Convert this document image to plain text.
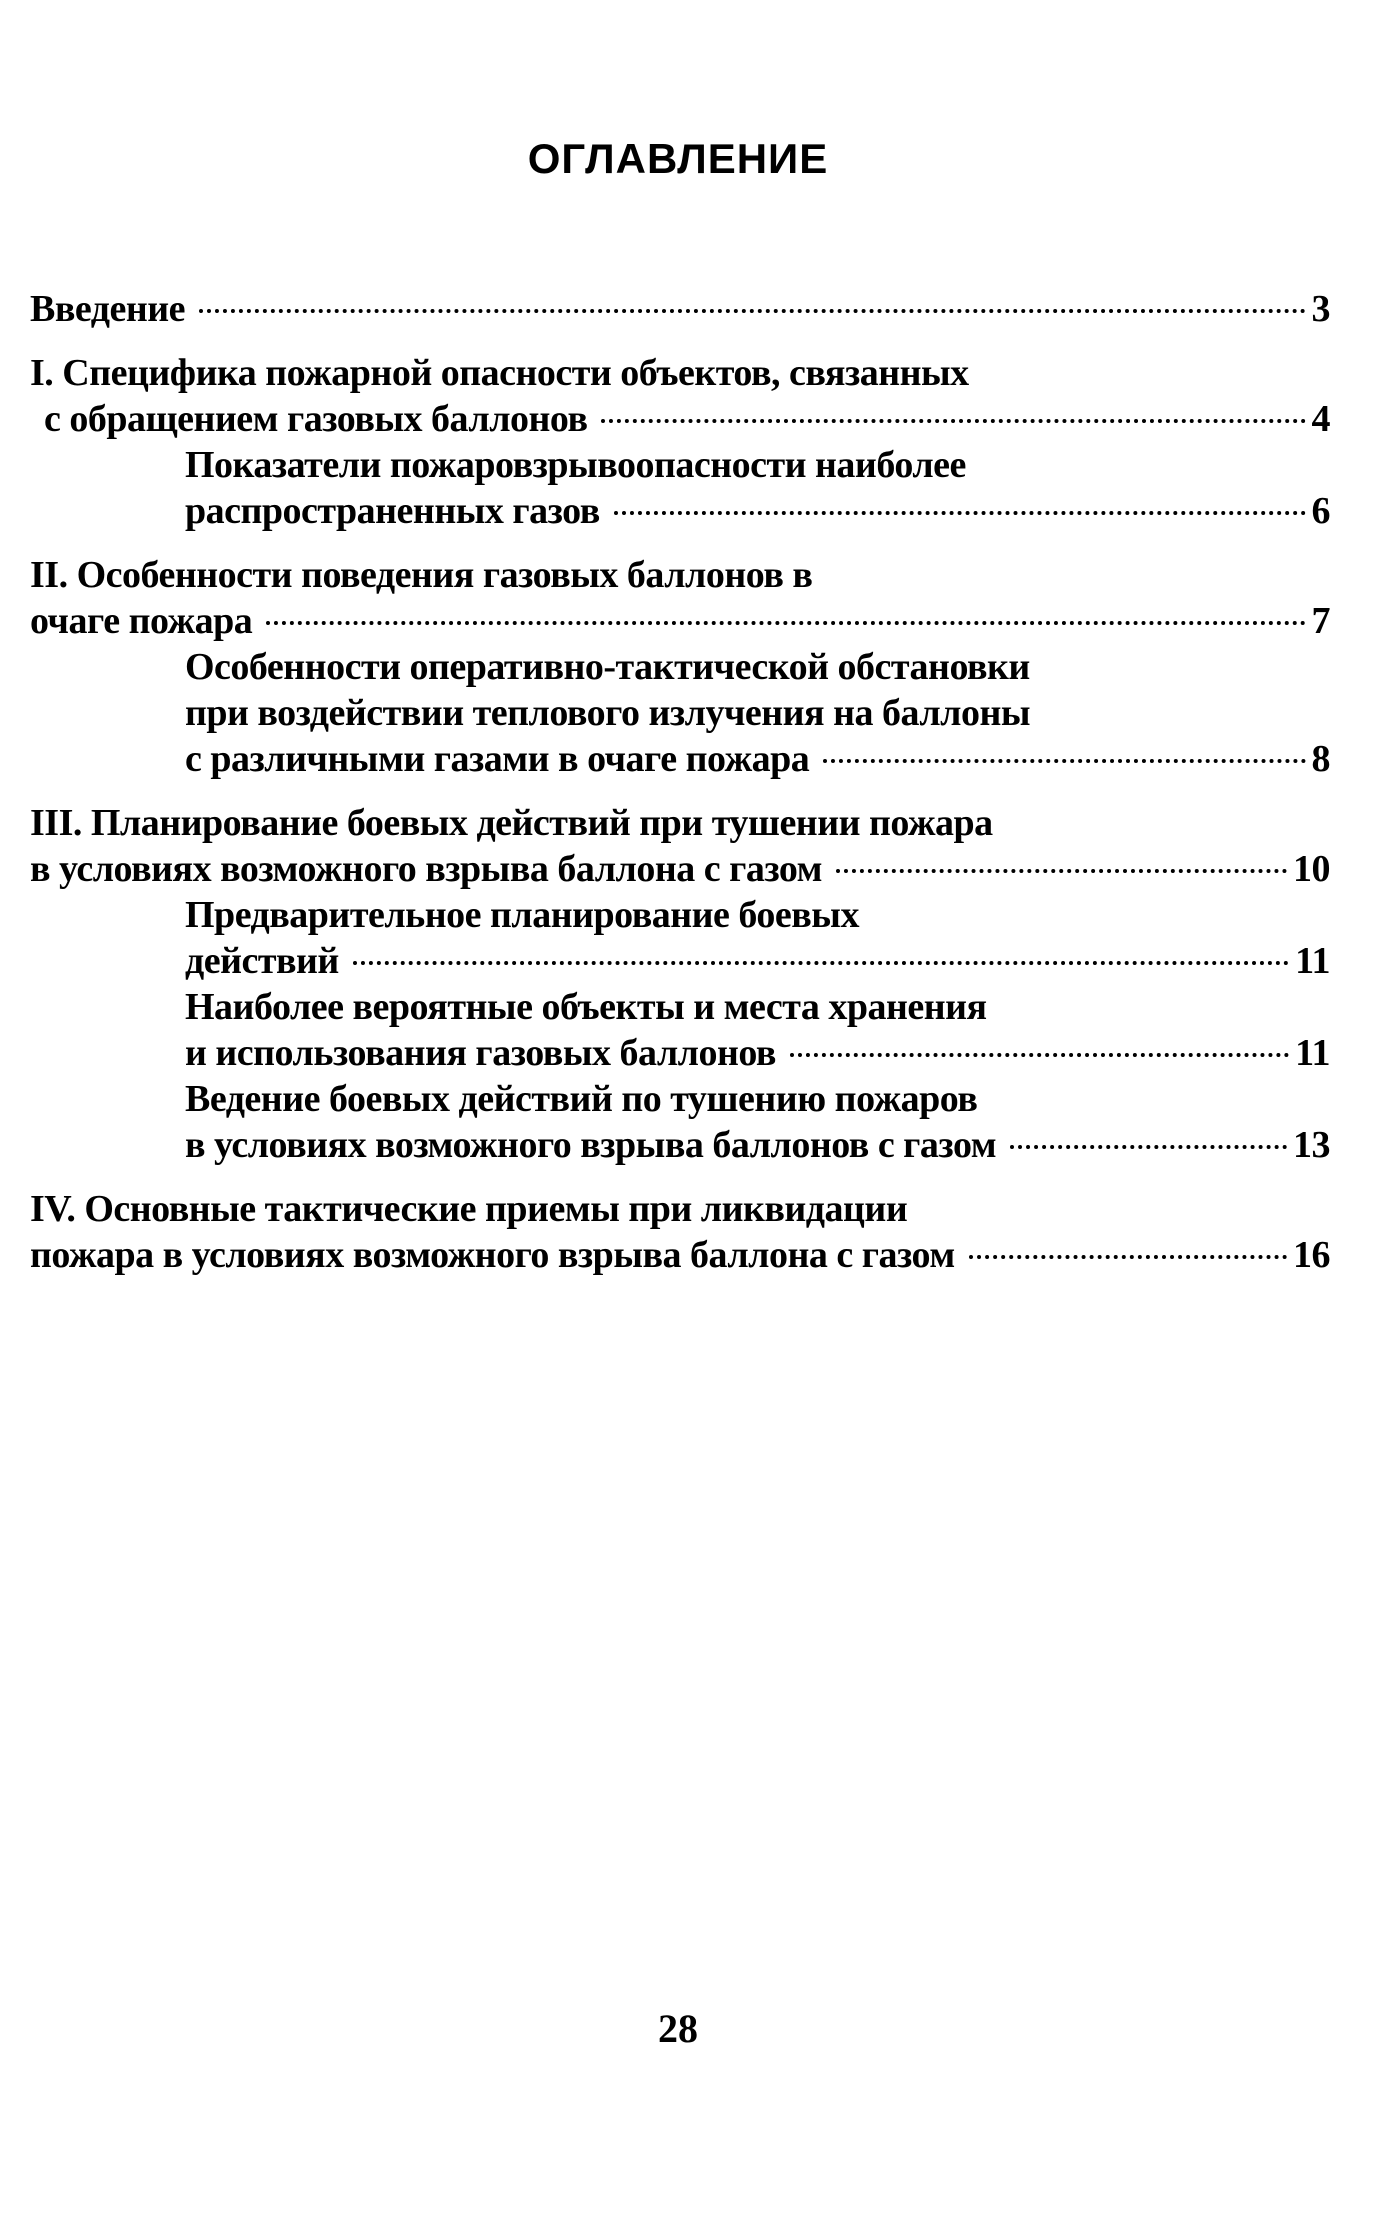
ОГЛАВЛЕНИЕ
Введение	3
I. Специфика пожарной опасности объектов, связанных
с обращением газовых баллонов	4
Показатели пожаровзрывоопасности наиболее
распространенных газов	6
II. Особенности поведения газовых баллонов в
очаге пожара	7
Особенности оперативно-тактической обстановки
при воздействии теплового излучения на баллоны
с различными газами в очаге пожара	8
III. Планирование боевых действий при тушении пожара
в условиях возможного взрыва баллона с газом	10
Предварительное планирование боевых
действий	11
Наиболее вероятные объекты и места хранения
и использования газовых баллонов	11
Ведение боевых действий по тушению пожаров
в условиях возможного взрыва баллонов с газом	13
IV. Основные тактические приемы при ликвидации
пожара в условиях возможного взрыва баллона с газом	16
28
